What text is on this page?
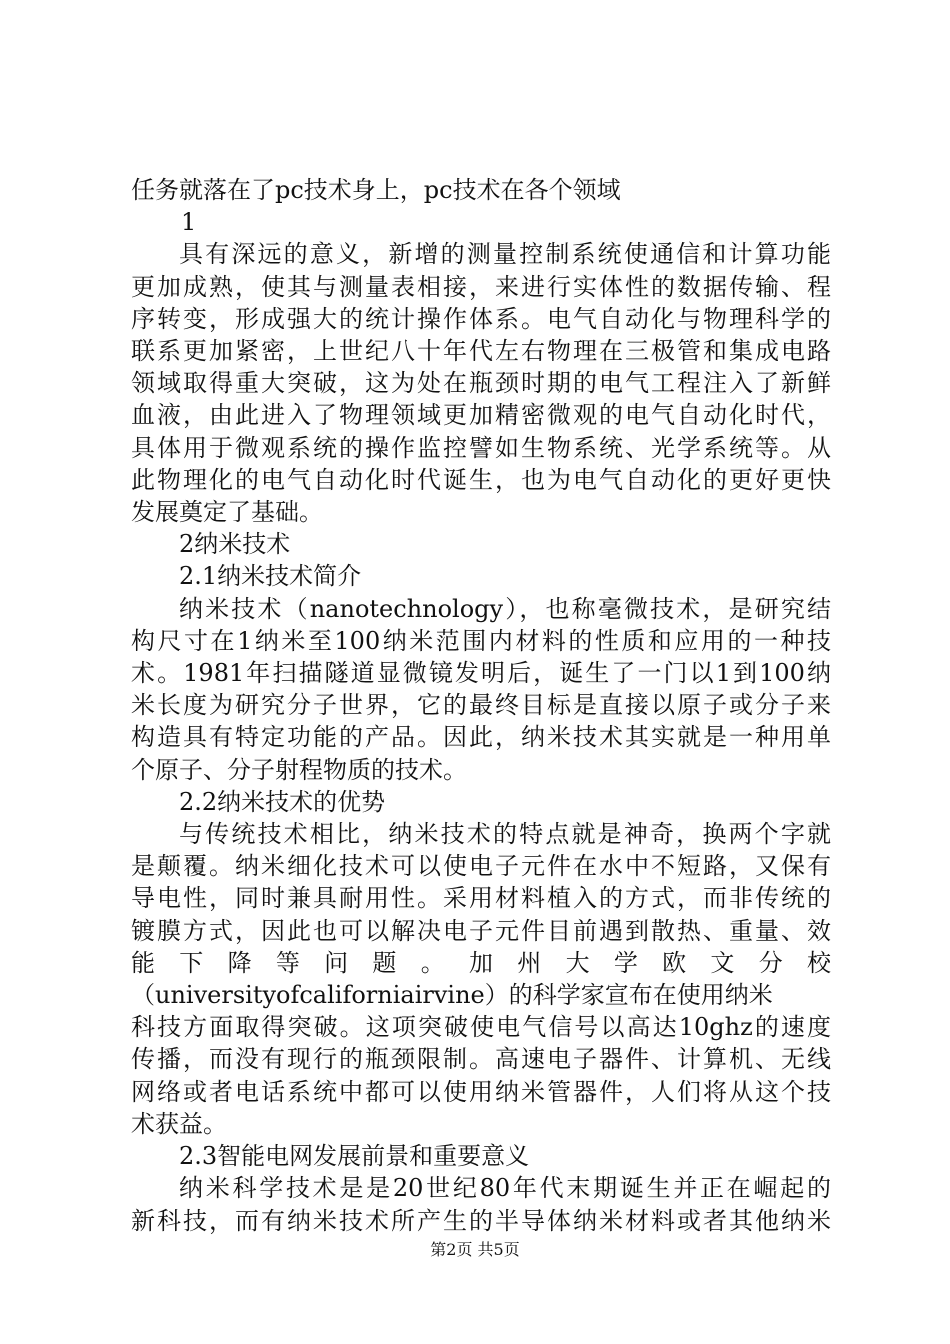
任务就落在了pc技术身上，pc技术在各个领域

1

具有深远的意义，新增的测量控制系统使通信和计算功能

更加成熟，使其与测量表相接，来进行实体性的数据传输、程

序转变，形成强大的统计操作体系。电气自动化与物理科学的

联系更加紧密，上世纪八十年代左右物理在三极管和集成电路

领域取得重大突破，这为处在瓶颈时期的电气工程注入了新鲜

血液，由此进入了物理领域更加精密微观的电气自动化时代，

具体用于微观系统的操作监控譬如生物系统、光学系统等。从

此物理化的电气自动化时代诞生，也为电气自动化的更好更快

发展奠定了基础。

2纳米技术

2.1纳米技术简介

纳米技术（nanotechnology），也称毫微技术，是研究结

构尺寸在1纳米至100纳米范围内材料的性质和应用的一种技

术。1981年扫描隧道显微镜发明后，诞生了一门以1到100纳

米长度为研究分子世界，它的最终目标是直接以原子或分子来

构造具有特定功能的产品。因此，纳米技术其实就是一种用单

个原子、分子射程物质的技术。

2.2纳米技术的优势

与传统技术相比，纳米技术的特点就是神奇，换两个字就

是颠覆。纳米细化技术可以使电子元件在水中不短路，又保有

导电性，同时兼具耐用性。采用材料植入的方式，而非传统的

镀膜方式，因此也可以解决电子元件目前遇到散热、重量、效

能 下 降 等 问 题 。 加 州 大 学 欧 文 分 校

（universityofcaliforniairvine）的科学家宣布在使用纳米

科技方面取得突破。这项突破使电气信号以高达10ghz的速度

传播，而没有现行的瓶颈限制。高速电子器件、计算机、无线

网络或者电话系统中都可以使用纳米管器件，人们将从这个技

术获益。

2.3智能电网发展前景和重要意义

纳米科学技术是是20世纪80年代末期诞生并正在崛起的

新科技，而有纳米技术所产生的半导体纳米材料或者其他纳米

第2页 共5页
